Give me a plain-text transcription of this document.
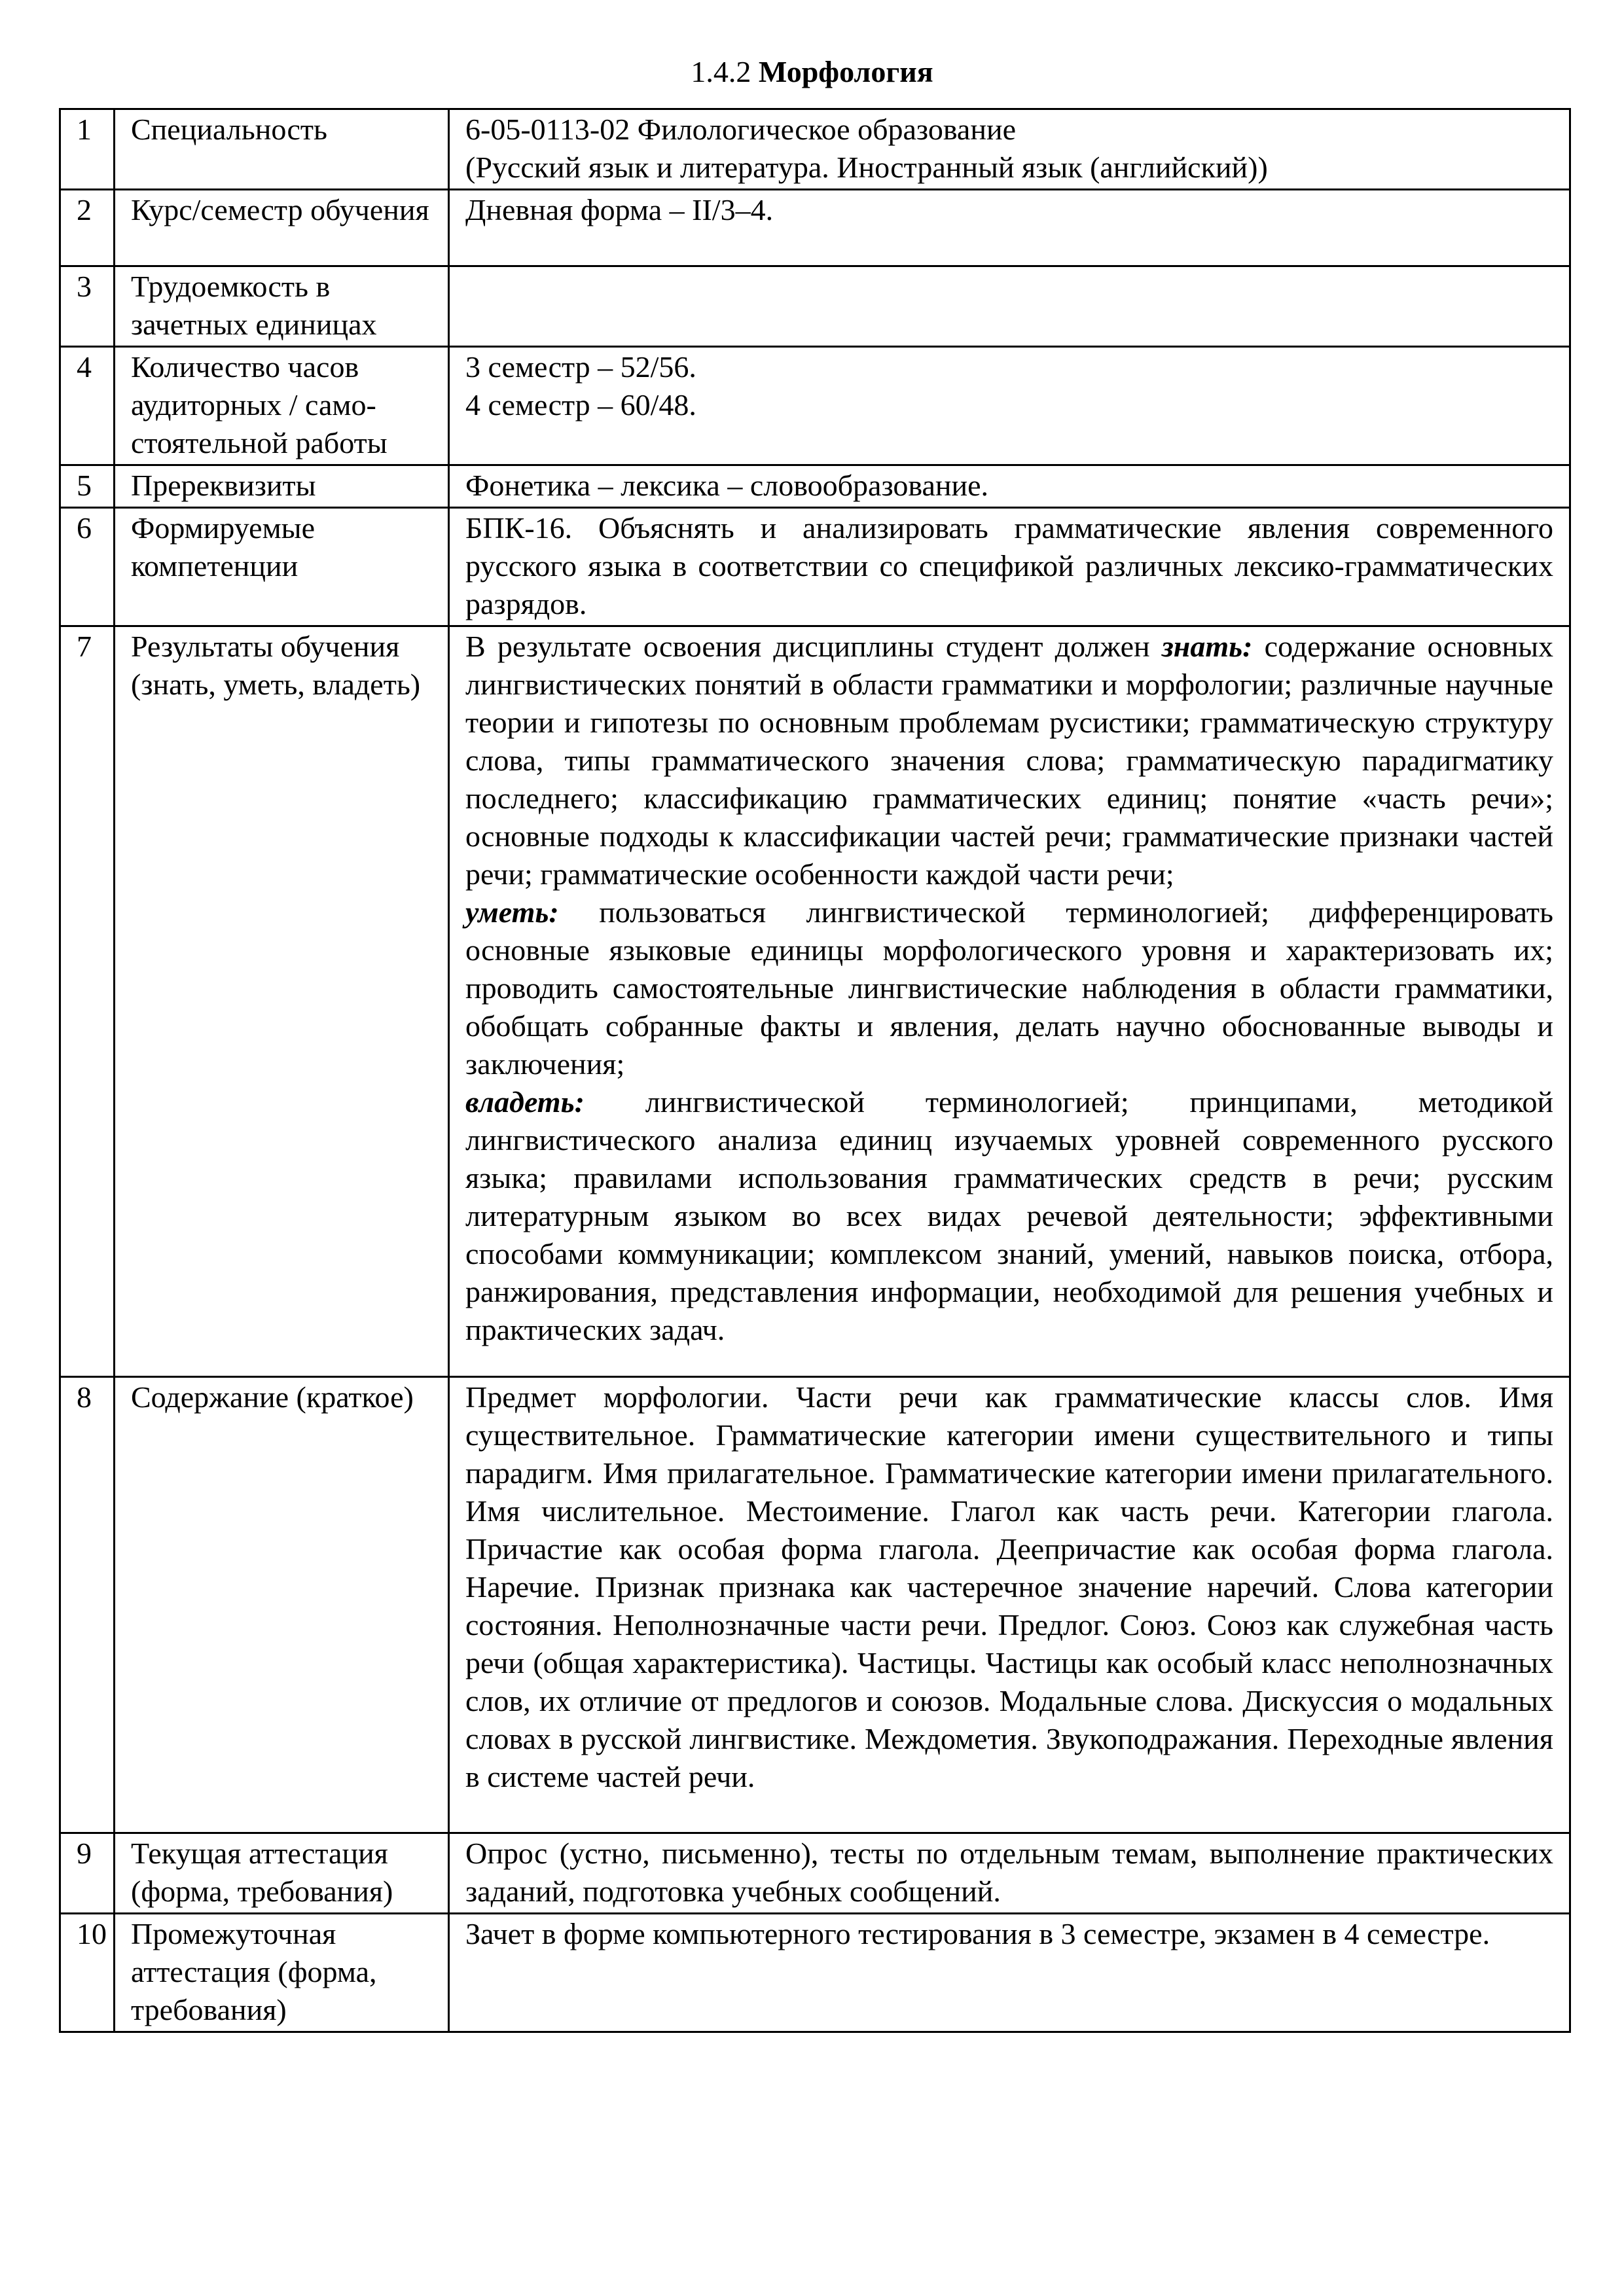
1.4.2 Морфология
1	Специальность	6-05-0113-02 Филологическое образование
(Русский язык и литература. Иностранный язык (английский))

2	Курс/семестр обучения	Дневная форма – II/3–4.
3	Трудоемкость в зачетных единицах	
4	Количество часов аудиторных / само-стоятельной работы	3 семестр – 52/56.
4 семестр – 60/48.

5	Пререквизиты	Фонетика – лексика – словообразование.
6	Формируемые компетенции	БПК-16. Объяснять и анализировать грамматические явления современного русского языка в соответствии со спецификой различных лексико-грамматических разрядов.
7	Результаты обучения (знать, уметь, владеть)	В результате освоения дисциплины студент должен знать: содержание основных лингвистических понятий в области грамматики и морфологии; различные научные теории и гипотезы по основным проблемам русистики; грамматическую структуру слова, типы грамматического значения слова; грамматическую парадигматику последнего; классификацию грамматических единиц; понятие «часть речи»; основные подходы к классификации частей речи; грамматические признаки частей речи; грамматические особенности каждой части речи;
уметь: пользоваться лингвистической терминологией; дифференцировать основные языковые единицы морфологического уровня и характеризовать их; проводить самостоятельные лингвистические наблюдения в области грамматики, обобщать собранные факты и явления, делать научно обоснованные выводы и заключения;
владеть: лингвистической терминологией; принципами, методикой лингвистического анализа единиц изучаемых уровней современного русского языка; правилами использования грамматических средств в речи; русским литературным языком во всех видах речевой деятельности; эффективными способами коммуникации; комплексом знаний, умений, навыков поиска, отбора, ранжирования, представления информации, необходимой для решения учебных и практических задач.

8	Содержание (краткое)	Предмет морфологии. Части речи как грамматические классы слов. Имя существительное. Грамматические категории имени существительного и типы парадигм. Имя прилагательное. Грамматические категории имени прилагательного. Имя числительное. Местоимение. Глагол как часть речи. Категории глагола. Причастие как особая форма глагола. Деепричастие как особая форма глагола. Наречие. Признак признака как частеречное значение наречий. Слова категории состояния. Неполнозначные части речи. Предлог. Союз. Союз как служебная часть речи (общая характеристика). Частицы. Частицы как особый класс неполнозначных слов, их отличие от предлогов и союзов. Модальные слова. Дискуссия о модальных словах в русской лингвистике. Междометия. Звукоподражания. Переходные явления в системе частей речи.
9	Текущая аттестация (форма, требования)	Опрос (устно, письменно), тесты по отдельным темам, выполнение практических заданий, подготовка учебных сообщений.
10	Промежуточная аттестация (форма, требования)	Зачет в форме компьютерного тестирования в 3 семестре, экзамен в 4 семестре.
